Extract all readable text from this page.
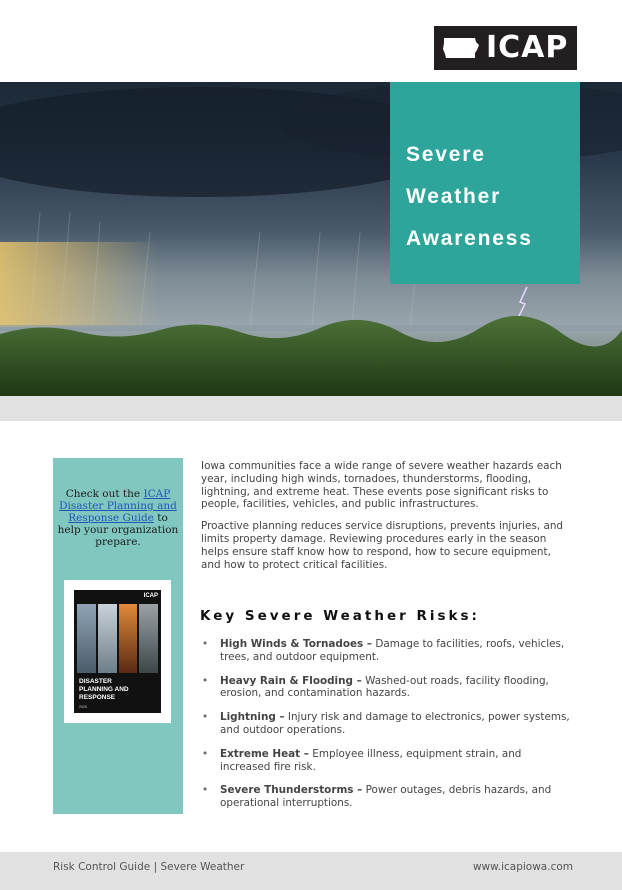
ICAP
Severe
Weather
Awareness
Check out the ICAP Disaster Planning and Response Guide to help your organization prepare.
ICAP
DISASTER
PLANNING AND
RESPONSE
2025

Iowa communities face a wide range of severe weather hazards each year, including high winds, tornadoes, thunderstorms, flooding, lightning, and extreme heat. These events pose significant risks to people, facilities, vehicles, and public infrastructures.

Proactive planning reduces service disruptions, prevents injuries, and limits property damage. Reviewing procedures early in the season helps ensure staff know how to respond, how to secure equipment, and how to protect critical facilities.

Key Severe Weather Risks:
• High Winds & Tornadoes – Damage to facilities, roofs, vehicles, trees, and outdoor equipment.
• Heavy Rain & Flooding – Washed-out roads, facility flooding, erosion, and contamination hazards.
• Lightning – Injury risk and damage to electronics, power systems, and outdoor operations.
• Extreme Heat – Employee illness, equipment strain, and increased fire risk.
• Severe Thunderstorms – Power outages, debris hazards, and operational interruptions.
Risk Control Guide | Severe Weather	www.icapiowa.com
